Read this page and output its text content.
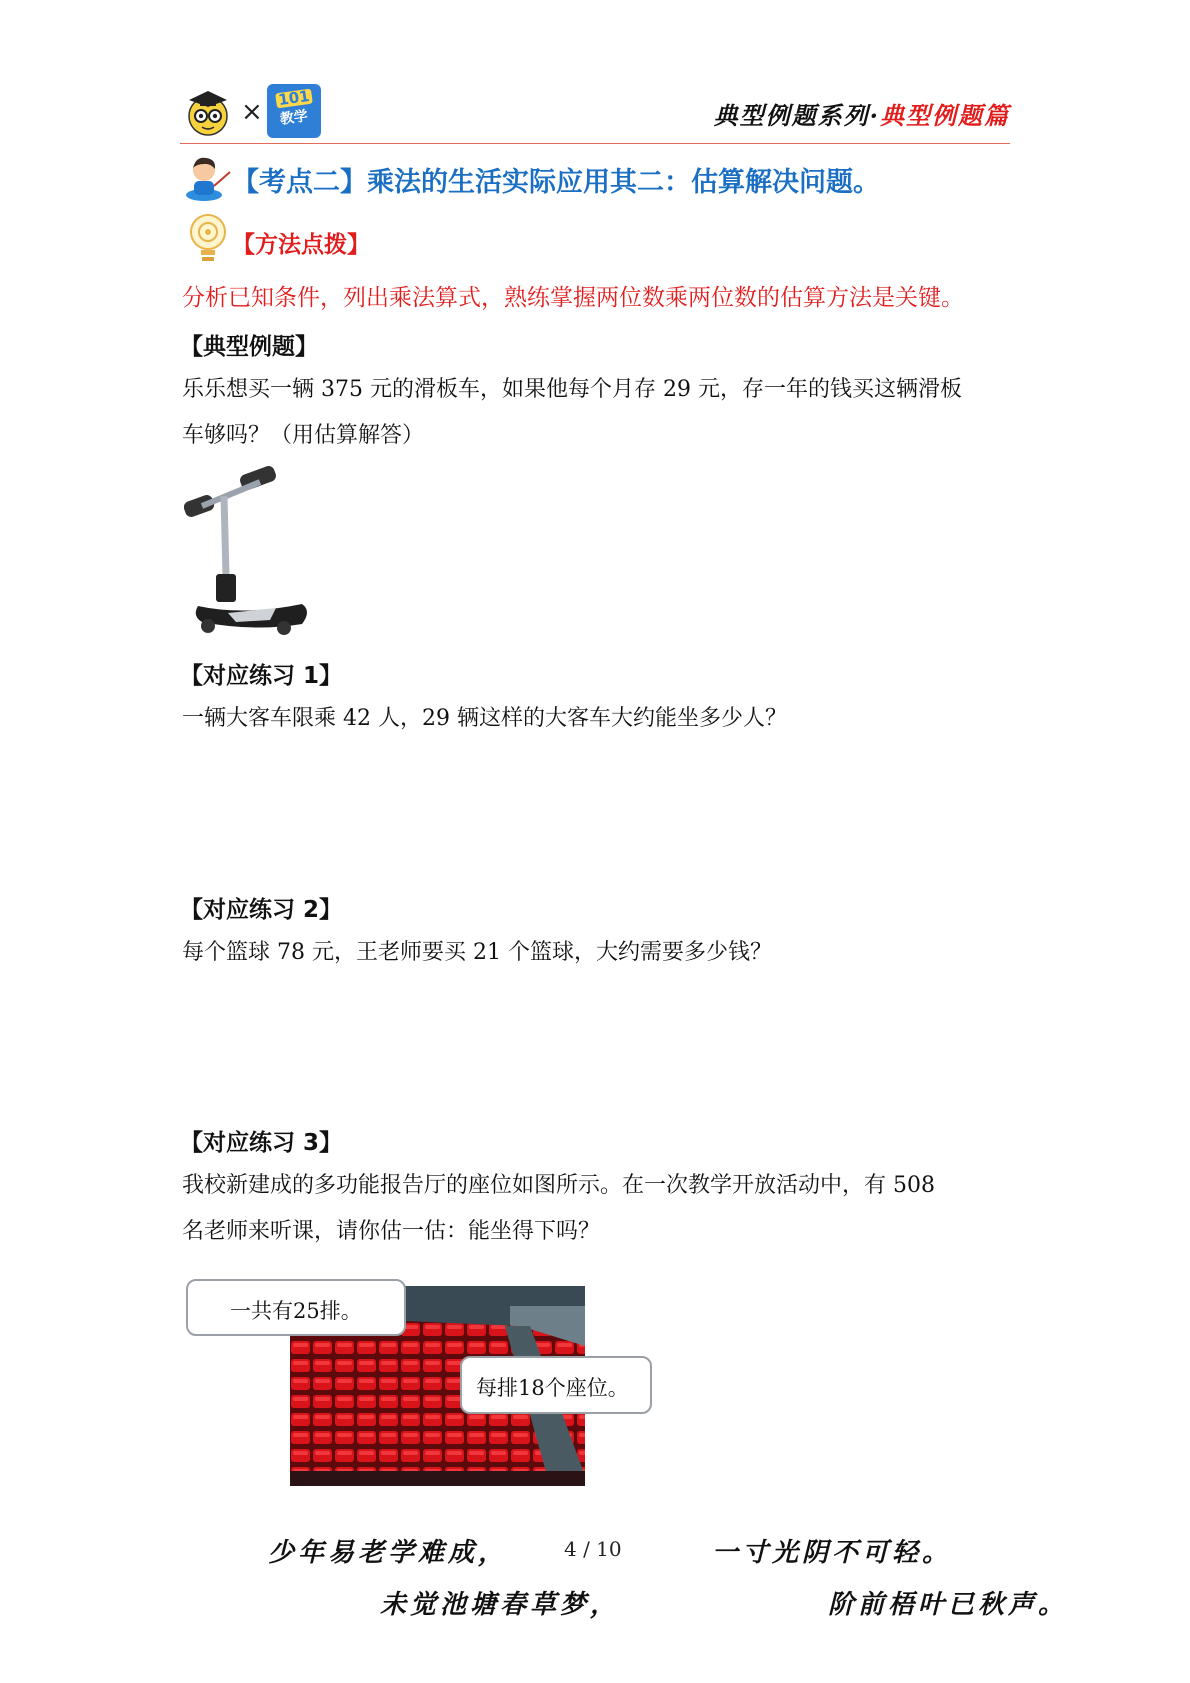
× 101
教学	典型例题系列·典型例题篇
【考点二】乘法的生活实际应用其二：估算解决问题。
【方法点拨】
分析已知条件，列出乘法算式，熟练掌握两位数乘两位数的估算方法是关键。
【典型例题】
乐乐想买一辆 375 元的滑板车，如果他每个月存 29 元，存一年的钱买这辆滑板
车够吗？（用估算解答）
【对应练习 1】
一辆大客车限乘 42 人，29 辆这样的大客车大约能坐多少人？
【对应练习 2】
每个篮球 78 元，王老师要买 21 个篮球，大约需要多少钱？
【对应练习 3】
我校新建成的多功能报告厅的座位如图所示。在一次教学开放活动中，有 508
名老师来听课，请你估一估：能坐得下吗？
一共有25排。
每排18个座位。
少年易老学难成，	4 / 10	一寸光阴不可轻。
未觉池塘春草梦，	阶前梧叶已秋声。
